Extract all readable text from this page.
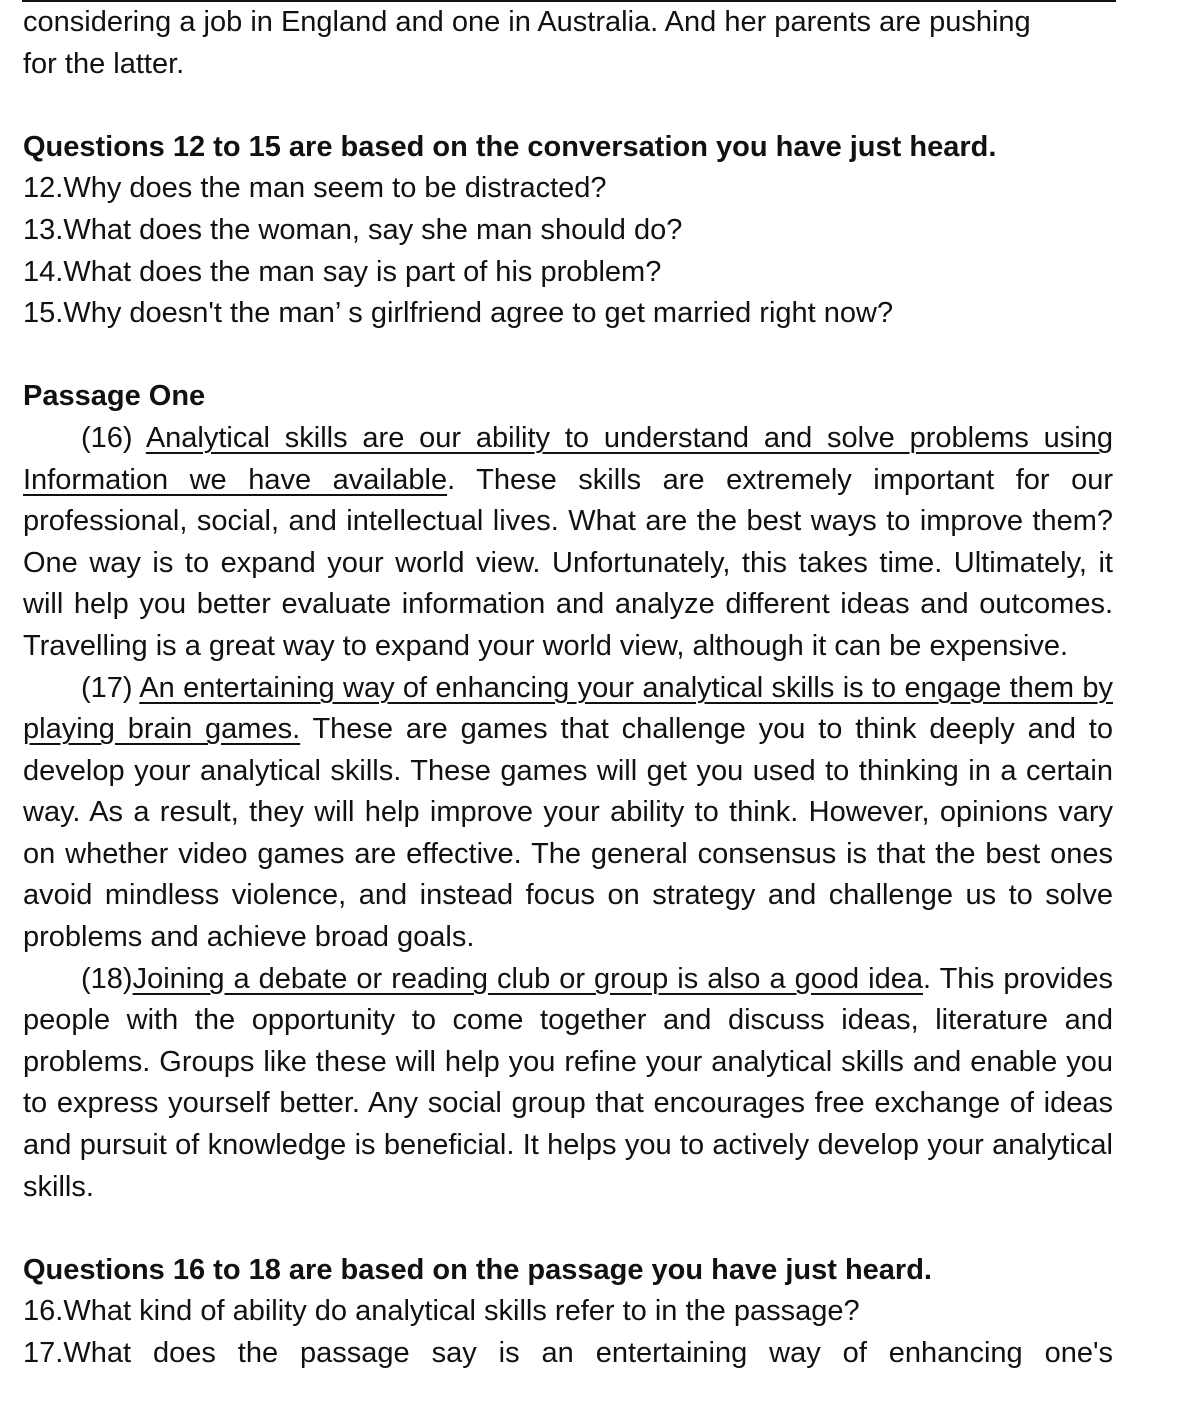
considering a job in England and one in Australia. And her parents are pushing
for the latter.
Questions 12 to 15 are based on the conversation you have just heard.
12.Why does the man seem to be distracted?
13.What does the woman, say she man should do?
14.What does the man say is part of his problem?
15.Why doesn't the man’ s girlfriend agree to get married right now?
Passage One

(16) Analytical skills are our ability to understand and solve problems using Information we have available. These skills are extremely important for our professional, social, and intellectual lives. What are the best ways to improve them? One way is to expand your world view. Unfortunately, this takes time. Ultimately, it will help you better evaluate information and analyze different ideas and outcomes. Travelling is a great way to expand your world view, although it can be expensive.

(17) An entertaining way of enhancing your analytical skills is to engage them by playing brain games. These are games that challenge you to think deeply and to develop your analytical skills. These games will get you used to thinking in a certain way. As a result, they will help improve your ability to think. However, opinions vary on whether video games are effective. The general consensus is that the best ones avoid mindless violence, and instead focus on strategy and challenge us to solve problems and achieve broad goals.

(18)Joining a debate or reading club or group is also a good idea. This provides people with the opportunity to come together and discuss ideas, literature and problems. Groups like these will help you refine your analytical skills and enable you to express yourself better. Any social group that encourages free exchange of ideas and pursuit of knowledge is beneficial. It helps you to actively develop your analytical skills.

Questions 16 to 18 are based on the passage you have just heard.
16.What kind of ability do analytical skills refer to in the passage?

17.What does the passage say is an entertaining way of enhancing one's
